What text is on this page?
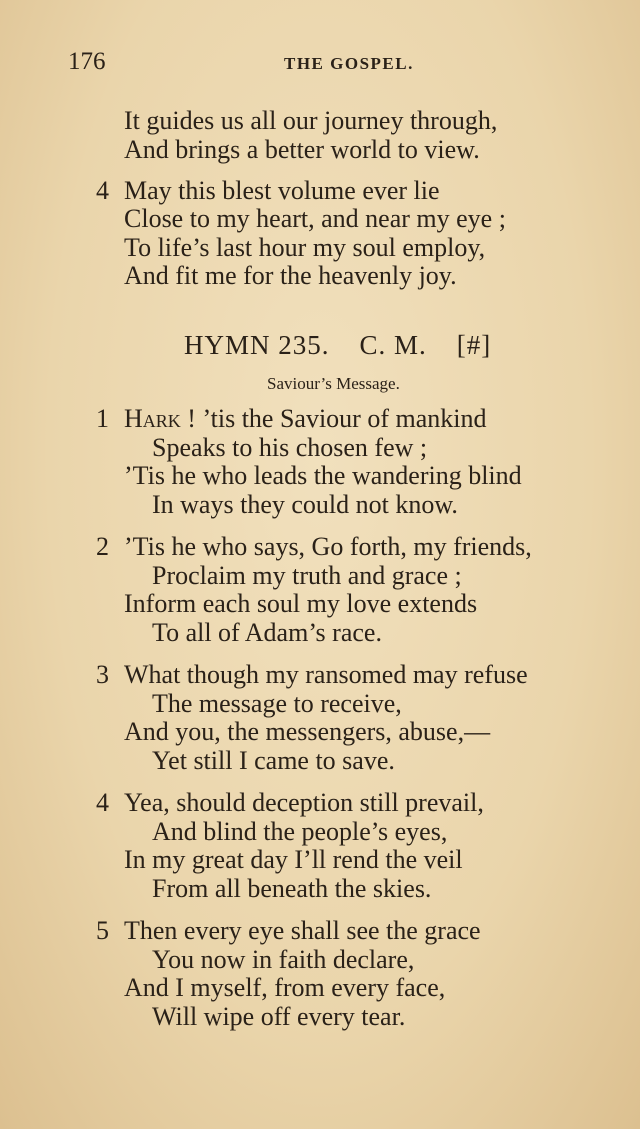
176	THE GOSPEL.
It guides us all our journey through,
And brings a better world to view.
4 May this blest volume ever lie
Close to my heart, and near my eye ;
To life’s last hour my soul employ,
And fit me for the heavenly joy.
HYMN 235. C. M. [#]
Saviour’s Message.
1 Hark ! ’tis the Saviour of mankind
Speaks to his chosen few ;
’Tis he who leads the wandering blind
In ways they could not know.
2 ’Tis he who says, Go forth, my friends,
Proclaim my truth and grace ;
Inform each soul my love extends
To all of Adam’s race.
3 What though my ransomed may refuse
The message to receive,
And you, the messengers, abuse,—
Yet still I came to save.
4 Yea, should deception still prevail,
And blind the people’s eyes,
In my great day I’ll rend the veil
From all beneath the skies.
5 Then every eye shall see the grace
You now in faith declare,
And I myself, from every face,
Will wipe off every tear.
